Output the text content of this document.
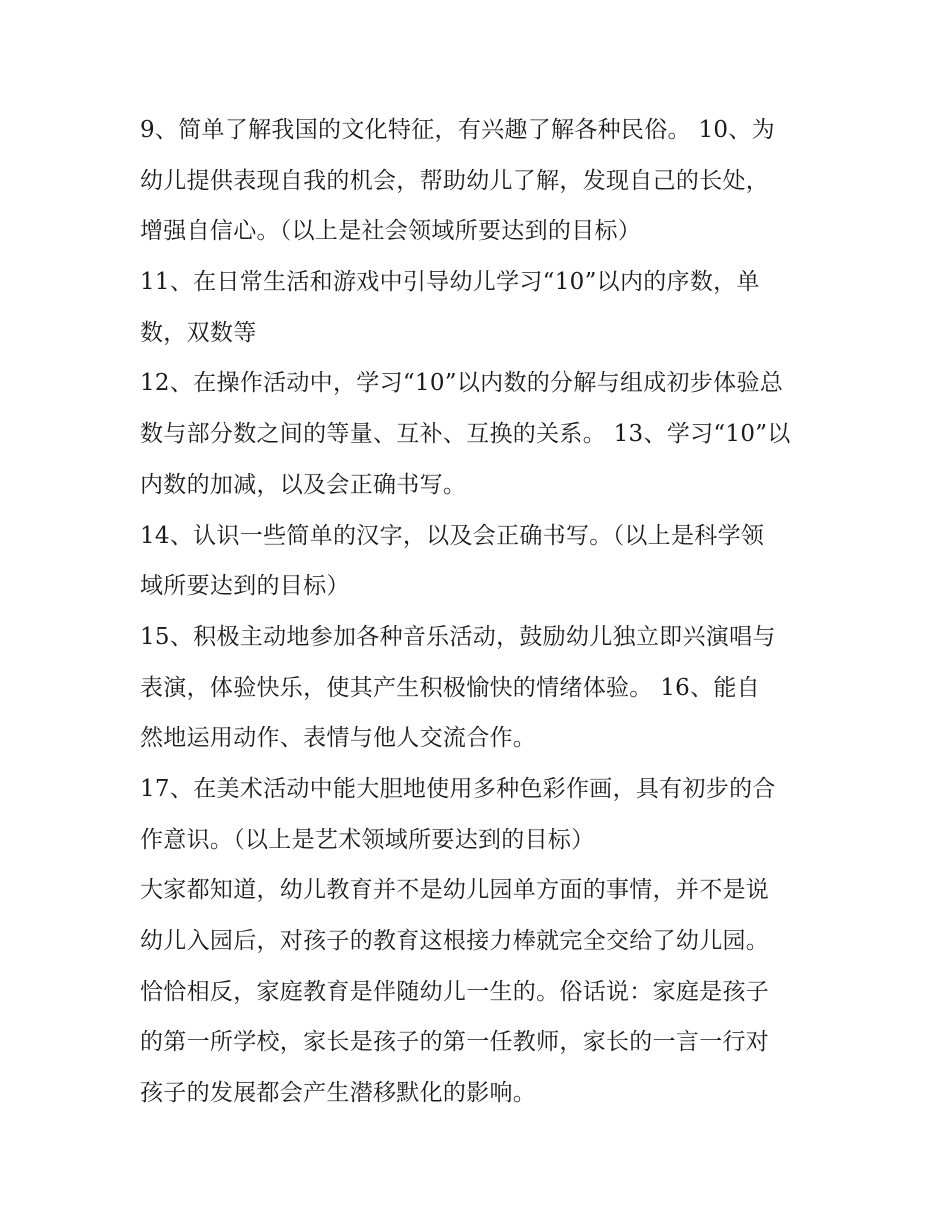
9、简单了解我国的文化特征，有兴趣了解各种民俗。 10、为
幼儿提供表现自我的机会，帮助幼儿了解，发现自己的长处，
增强自信心。（以上是社会领域所要达到的目标）
11、在日常生活和游戏中引导幼儿学习“10”以内的序数，单
数，双数等
12、在操作活动中，学习“10”以内数的分解与组成初步体验总
数与部分数之间的等量、互补、互换的关系。 13、学习“10”以
内数的加减，以及会正确书写。
14、认识一些简单的汉字，以及会正确书写。（以上是科学领
域所要达到的目标）
15、积极主动地参加各种音乐活动，鼓励幼儿独立即兴演唱与
表演，体验快乐，使其产生积极愉快的情绪体验。 16、能自
然地运用动作、表情与他人交流合作。
17、在美术活动中能大胆地使用多种色彩作画，具有初步的合
作意识。（以上是艺术领域所要达到的目标）
大家都知道，幼儿教育并不是幼儿园单方面的事情，并不是说
幼儿入园后，对孩子的教育这根接力棒就完全交给了幼儿园。
恰恰相反，家庭教育是伴随幼儿一生的。俗话说：家庭是孩子
的第一所学校，家长是孩子的第一任教师，家长的一言一行对
孩子的发展都会产生潜移默化的影响。
